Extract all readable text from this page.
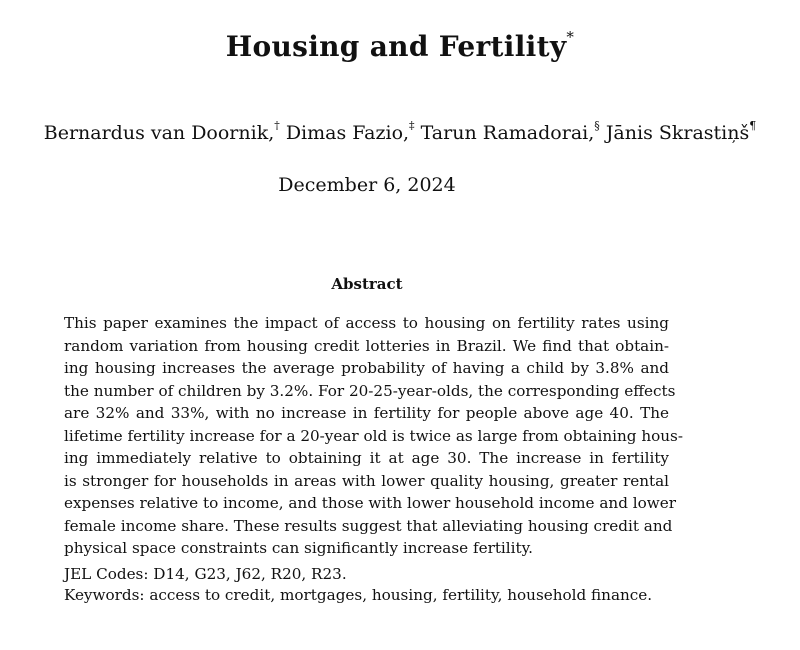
Housing and Fertility*
Bernardus van Doornik,† Dimas Fazio,‡ Tarun Ramadorai,§ Jānis Skrastiņš¶
December 6, 2024
Abstract
This paper examines the impact of access to housing on fertility rates using
random variation from housing credit lotteries in Brazil. We find that obtain-
ing housing increases the average probability of having a child by 3.8% and
the number of children by 3.2%. For 20-25-year-olds, the corresponding effects
are 32% and 33%, with no increase in fertility for people above age 40. The
lifetime fertility increase for a 20-year old is twice as large from obtaining hous-
ing immediately relative to obtaining it at age 30. The increase in fertility
is stronger for households in areas with lower quality housing, greater rental
expenses relative to income, and those with lower household income and lower
female income share. These results suggest that alleviating housing credit and
physical space constraints can significantly increase fertility.
JEL Codes: D14, G23, J62, R20, R23.
Keywords: access to credit, mortgages, housing, fertility, household finance.
